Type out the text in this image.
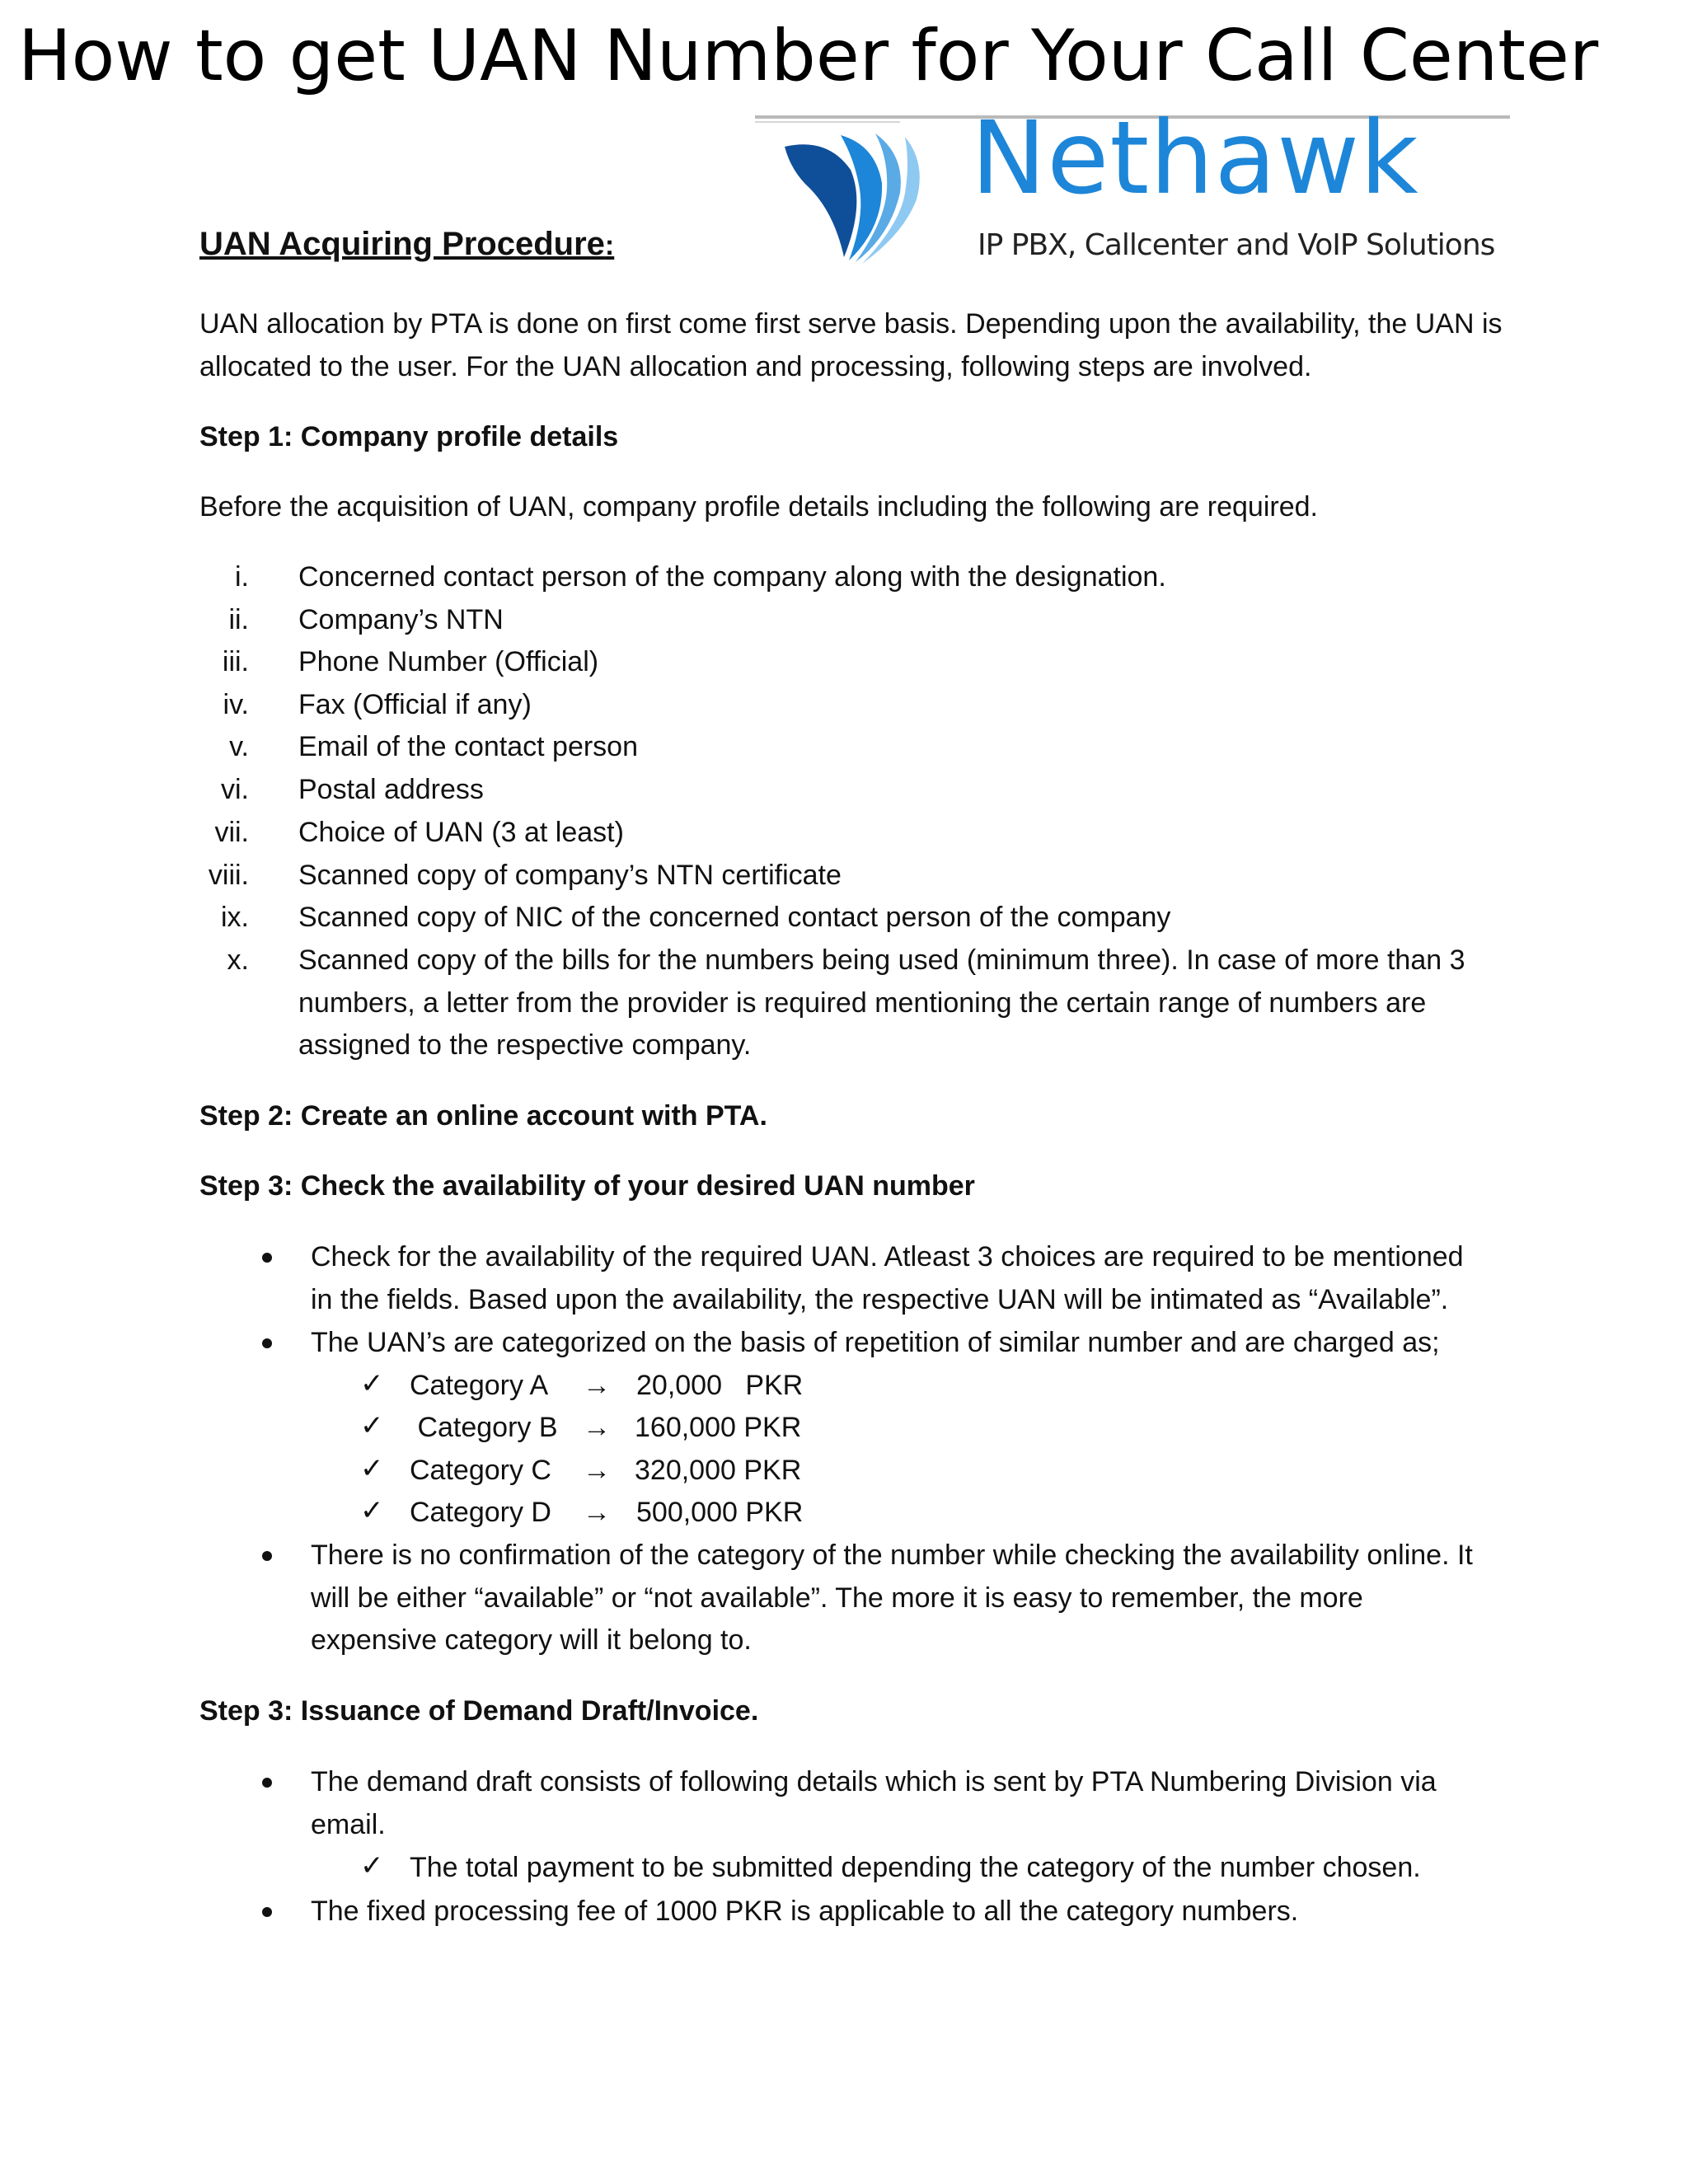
How to get UAN Number for Your Call Center
Nethawk
IP PBX, Callcenter and VoIP Solutions
UAN Acquiring Procedure:
UAN allocation by PTA is done on first come first serve basis. Depending upon the availability, the UAN is
allocated to the user. For the UAN allocation and processing, following steps are involved.
Step 1: Company profile details
Before the acquisition of UAN, company profile details including the following are required.
i. Concerned contact person of the company along with the designation.
ii. Company’s NTN
iii. Phone Number (Official)
iv. Fax (Official if any)
v. Email of the contact person
vi. Postal address
vii. Choice of UAN (3 at least)
viii. Scanned copy of company’s NTN certificate
ix. Scanned copy of NIC of the concerned contact person of the company
x. Scanned copy of the bills for the numbers being used (minimum three). In case of more than 3
numbers, a letter from the provider is required mentioning the certain range of numbers are
assigned to the respective company.
Step 2: Create an online account with PTA.
Step 3: Check the availability of your desired UAN number
Check for the availability of the required UAN. Atleast 3 choices are required to be mentioned
in the fields. Based upon the availability, the respective UAN will be intimated as “Available”.
The UAN’s are categorized on the basis of repetition of similar number and are charged as;
✓ Category A → 20,000   PKR
✓ Category B → 160,000 PKR
✓ Category C → 320,000 PKR
✓ Category D → 500,000 PKR
There is no confirmation of the category of the number while checking the availability online. It
will be either “available” or “not available”. The more it is easy to remember, the more
expensive category will it belong to.
Step 3: Issuance of Demand Draft/Invoice.
The demand draft consists of following details which is sent by PTA Numbering Division via
email.
✓ The total payment to be submitted depending the category of the number chosen.
The fixed processing fee of 1000 PKR is applicable to all the category numbers.
